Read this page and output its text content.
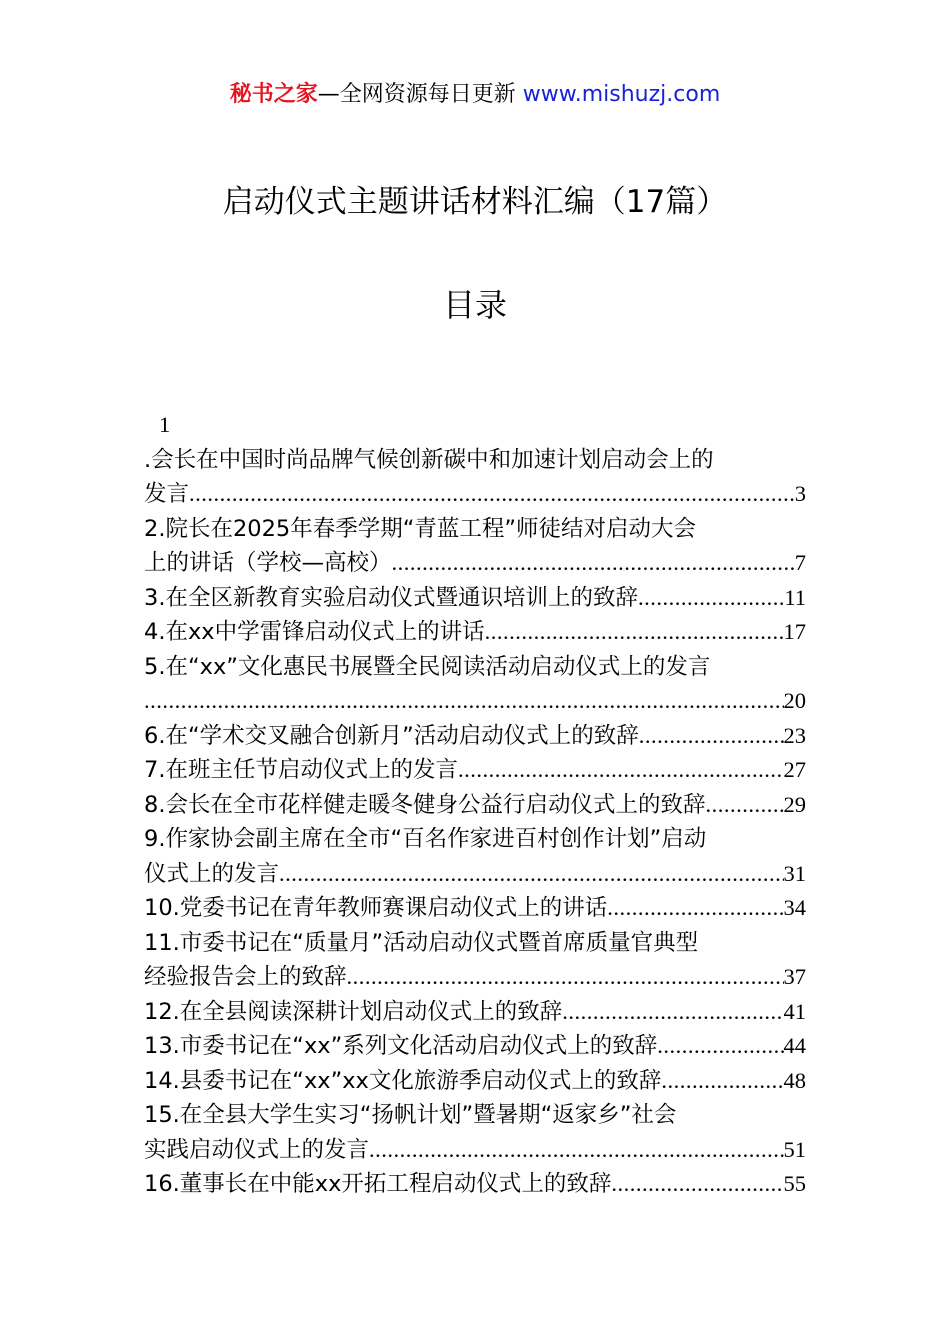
秘书之家—全网资源每日更新 www.mishuzj.com
启动仪式主题讲话材料汇编（17篇）
目录
1
.会长在中国时尚品牌气候创新碳中和加速计划启动会上的
发言 .....	3
2.院长在2025年春季学期“青蓝工程”师徒结对启动大会
上的讲话（学校—高校） .....	7
3.在全区新教育实验启动仪式暨通识培训上的致辞 .....	11
4.在xx中学雷锋启动仪式上的讲话 .....	17
5.在“xx”文化惠民书展暨全民阅读活动启动仪式上的发言
.....
20
6.在“学术交叉融合创新月”活动启动仪式上的致辞 .....	23
7.在班主任节启动仪式上的发言 .....	27
8.会长在全市花样健走暖冬健身公益行启动仪式上的致辞 .....	29
9.作家协会副主席在全市“百名作家进百村创作计划”启动
仪式上的发言 .....	31
10.党委书记在青年教师赛课启动仪式上的讲话 .....	34
11.市委书记在“质量月”活动启动仪式暨首席质量官典型
经验报告会上的致辞 .....	37
12.在全县阅读深耕计划启动仪式上的致辞 .....	41
13.市委书记在“xx”系列文化活动启动仪式上的致辞 .....	44
14.县委书记在“xx”xx文化旅游季启动仪式上的致辞 .....	48
15.在全县大学生实习“扬帆计划”暨暑期“返家乡”社会
实践启动仪式上的发言 .....	51
16.董事长在中能xx开拓工程启动仪式上的致辞 .....	55
